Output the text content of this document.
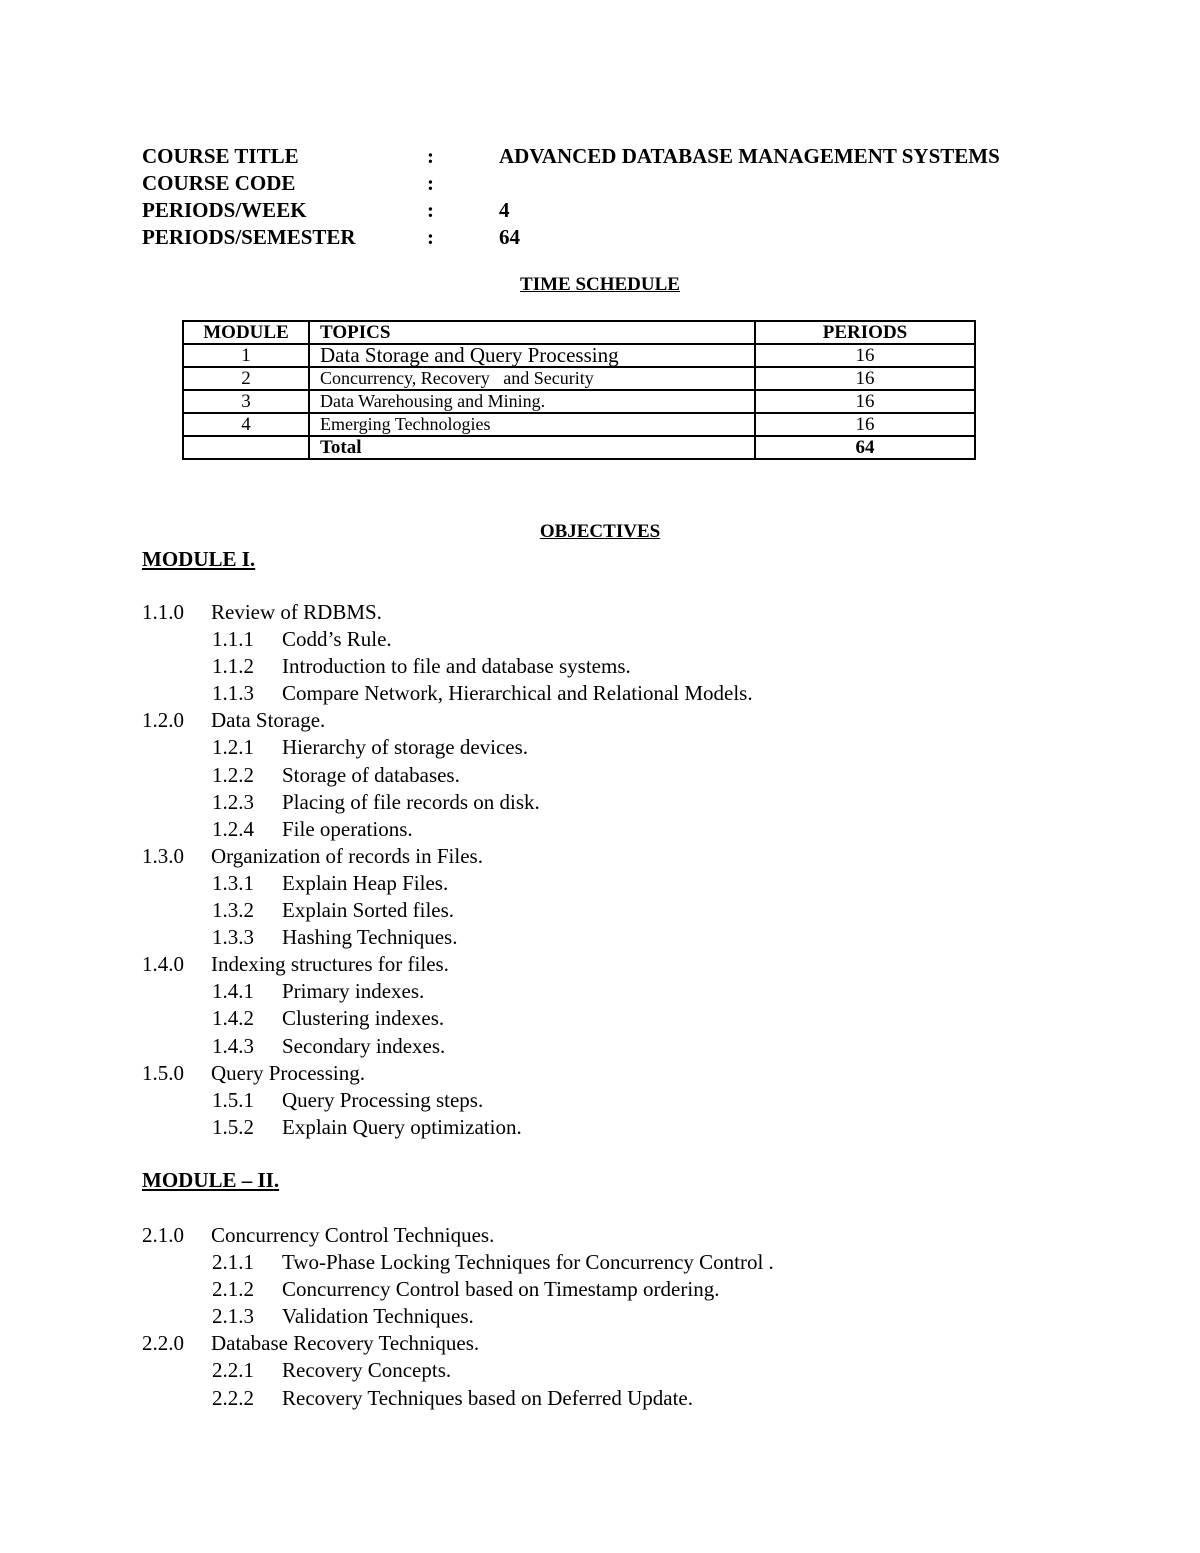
COURSE TITLE	:	ADVANCED DATABASE MANAGEMENT SYSTEMS
COURSE CODE	:
PERIODS/WEEK	:	4
PERIODS/SEMESTER	:	64
TIME SCHEDULE
MODULE	TOPICS	PERIODS
1	Data Storage and Query Processing	16
2	Concurrency, Recovery   and Security	16
3	Data Warehousing and Mining.	16
4	Emerging Technologies	16
	Total	64
OBJECTIVES
MODULE I.
1.1.0 Review of RDBMS.
1.1.1 Codd’s Rule.
1.1.2 Introduction to file and database systems.
1.1.3 Compare Network, Hierarchical and Relational Models.
1.2.0 Data Storage.
1.2.1 Hierarchy of storage devices.
1.2.2 Storage of databases.
1.2.3 Placing of file records on disk.
1.2.4 File operations.
1.3.0 Organization of records in Files.
1.3.1 Explain Heap Files.
1.3.2 Explain Sorted files.
1.3.3 Hashing Techniques.
1.4.0 Indexing structures for files.
1.4.1 Primary indexes.
1.4.2 Clustering indexes.
1.4.3 Secondary indexes.
1.5.0 Query Processing.
1.5.1 Query Processing steps.
1.5.2 Explain Query optimization.
MODULE – II.
2.1.0 Concurrency Control Techniques.
2.1.1 Two-Phase Locking Techniques for Concurrency Control .
2.1.2 Concurrency Control based on Timestamp ordering.
2.1.3 Validation Techniques.
2.2.0 Database Recovery Techniques.
2.2.1 Recovery Concepts.
2.2.2 Recovery Techniques based on Deferred Update.
